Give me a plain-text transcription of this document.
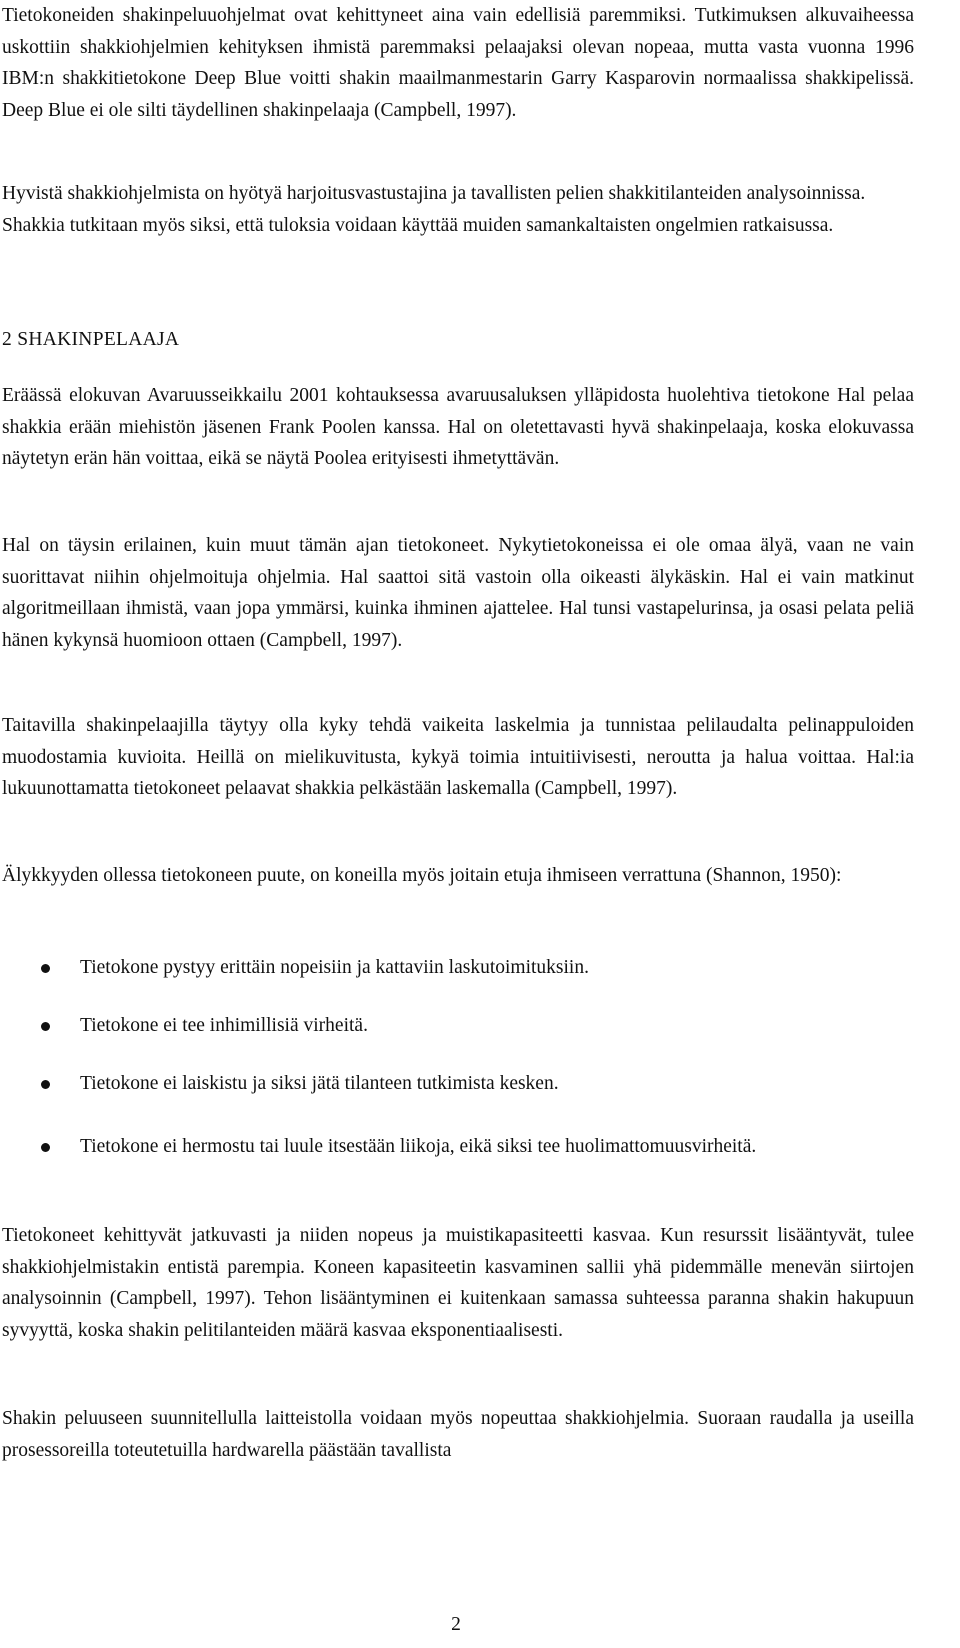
Tietokoneiden shakinpeluuohjelmat ovat kehittyneet aina vain edellisiä paremmiksi. Tutkimuksen alkuvaiheessa uskottiin shakkiohjelmien kehityksen ihmistä paremmaksi pelaajaksi olevan nopeaa, mutta vasta vuonna 1996 IBM:n shakkitietokone Deep Blue voitti shakin maailmanmestarin Garry Kasparovin normaalissa shakkipelissä. Deep Blue ei ole silti täydellinen shakinpelaaja (Campbell, 1997).

Hyvistä shakkiohjelmista on hyötyä harjoitusvastustajina ja tavallisten pelien shakkitilanteiden analysoinnissa. Shakkia tutkitaan myös siksi, että tuloksia voidaan käyttää muiden samankaltaisten ongelmien ratkaisussa.

2 SHAKINPELAAJA

Eräässä elokuvan Avaruusseikkailu 2001 kohtauksessa avaruusaluksen ylläpidosta huolehtiva tietokone Hal pelaa shakkia erään miehistön jäsenen Frank Poolen kanssa. Hal on oletettavasti hyvä shakinpelaaja, koska elokuvassa näytetyn erän hän voittaa, eikä se näytä Poolea erityisesti ihmetyttävän.

Hal on täysin erilainen, kuin muut tämän ajan tietokoneet. Nykytietokoneissa ei ole omaa älyä, vaan ne vain suorittavat niihin ohjelmoituja ohjelmia. Hal saattoi sitä vastoin olla oikeasti älykäskin. Hal ei vain matkinut algoritmeillaan ihmistä, vaan jopa ymmärsi, kuinka ihminen ajattelee. Hal tunsi vastapelurinsa, ja osasi pelata peliä hänen kykynsä huomioon ottaen (Campbell, 1997).

Taitavilla shakinpelaajilla täytyy olla kyky tehdä vaikeita laskelmia ja tunnistaa pelilaudalta pelinappuloiden muodostamia kuvioita. Heillä on mielikuvitusta, kykyä toimia intuitiivisesti, neroutta ja halua voittaa. Hal:ia lukuunottamatta tietokoneet pelaavat shakkia pelkästään laskemalla (Campbell, 1997).

Älykkyyden ollessa tietokoneen puute, on koneilla myös joitain etuja ihmiseen verrattuna (Shannon, 1950):

Tietokone pystyy erittäin nopeisiin ja kattaviin laskutoimituksiin.

Tietokone ei tee inhimillisiä virheitä.

Tietokone ei laiskistu ja siksi jätä tilanteen tutkimista kesken.

Tietokone ei hermostu tai luule itsestään liikoja, eikä siksi tee huolimattomuusvirheitä.

Tietokoneet kehittyvät jatkuvasti ja niiden nopeus ja muistikapasiteetti kasvaa. Kun resurssit lisääntyvät, tulee shakkiohjelmistakin entistä parempia. Koneen kapasiteetin kasvaminen sallii yhä pidemmälle menevän siirtojen analysoinnin (Campbell, 1997). Tehon lisääntyminen ei kuitenkaan samassa suhteessa paranna shakin hakupuun syvyyttä, koska shakin pelitilanteiden määrä kasvaa eksponentiaalisesti.

Shakin peluuseen suunnitellulla laitteistolla voidaan myös nopeuttaa shakkiohjelmia. Suoraan raudalla ja useilla prosessoreilla toteutetuilla hardwarella päästään tavallista

2
